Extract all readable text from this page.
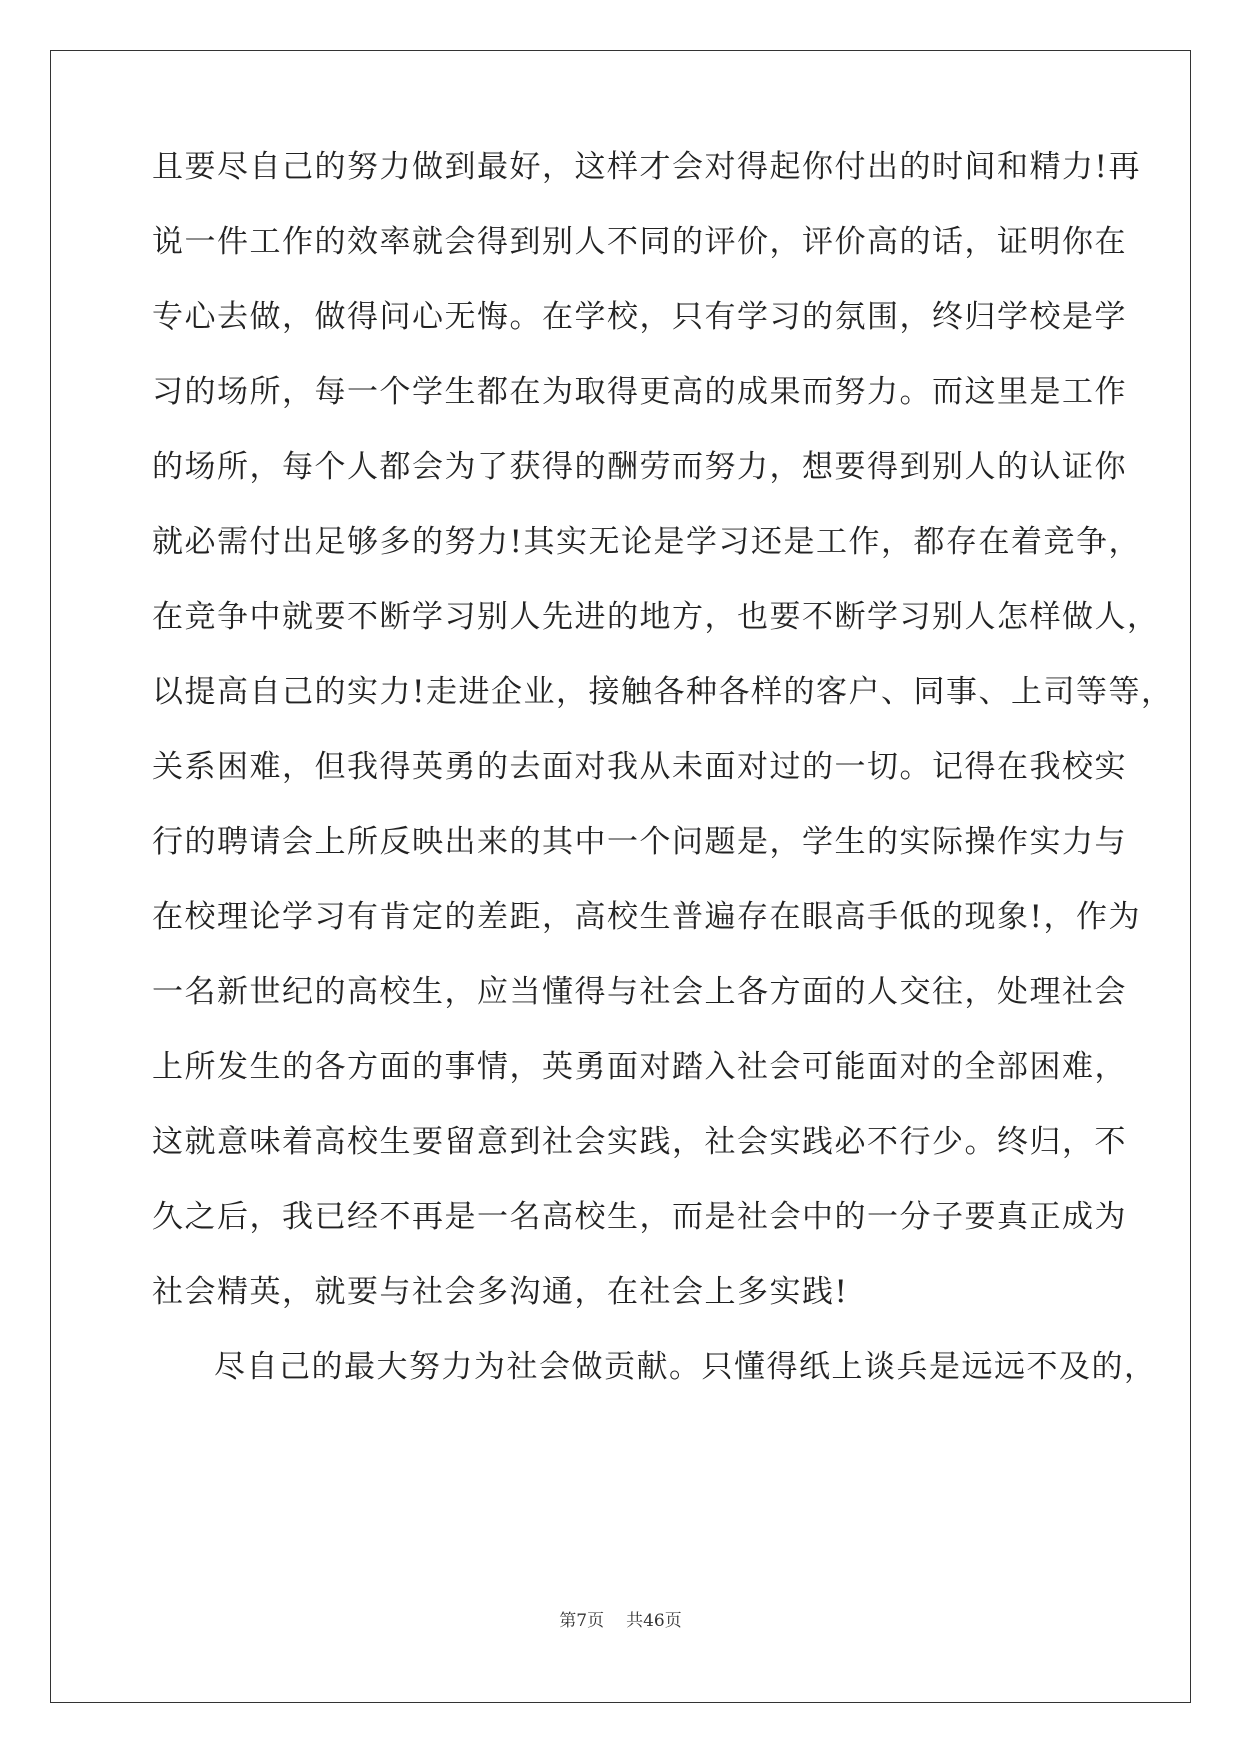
且要尽自己的努力做到最好，这样才会对得起你付出的时间和精力!再
说一件工作的效率就会得到别人不同的评价，评价高的话，证明你在
专心去做，做得问心无悔。在学校，只有学习的氛围，终归学校是学
习的场所，每一个学生都在为取得更高的成果而努力。而这里是工作
的场所，每个人都会为了获得的酬劳而努力，想要得到别人的认证你
就必需付出足够多的努力!其实无论是学习还是工作，都存在着竞争，
在竞争中就要不断学习别人先进的地方，也要不断学习别人怎样做人，
以提高自己的实力!走进企业，接触各种各样的客户、同事、上司等等，
关系困难，但我得英勇的去面对我从未面对过的一切。记得在我校实
行的聘请会上所反映出来的其中一个问题是，学生的实际操作实力与
在校理论学习有肯定的差距，高校生普遍存在眼高手低的现象!，作为
一名新世纪的高校生，应当懂得与社会上各方面的人交往，处理社会
上所发生的各方面的事情，英勇面对踏入社会可能面对的全部困难，
这就意味着高校生要留意到社会实践，社会实践必不行少。终归，不
久之后，我已经不再是一名高校生，而是社会中的一分子要真正成为
社会精英，就要与社会多沟通，在社会上多实践!
尽自己的最大努力为社会做贡献。只懂得纸上谈兵是远远不及的，
第7页 共46页
